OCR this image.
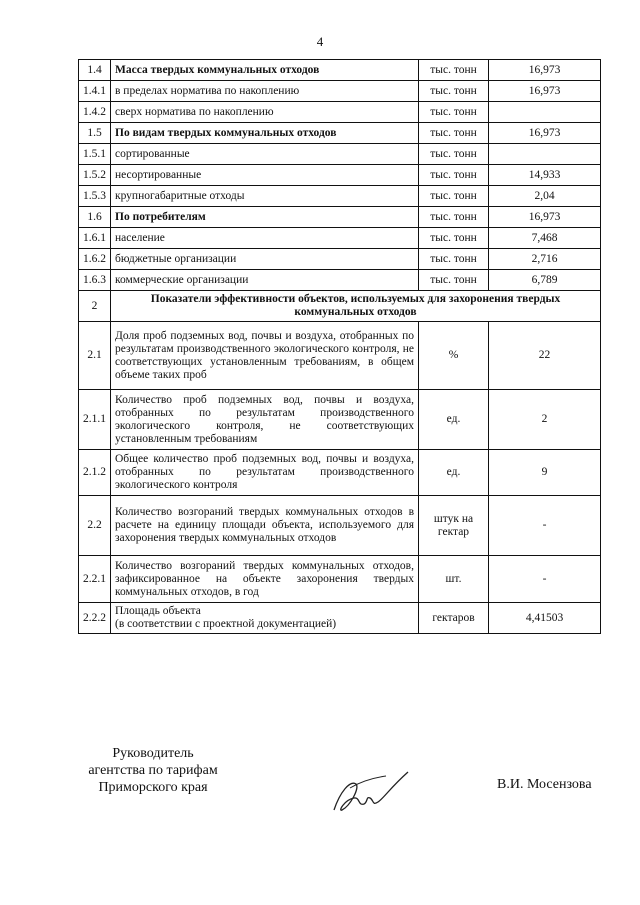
4
1.4	Масса твердых коммунальных отходов	тыс. тонн	16,973
1.4.1	в пределах норматива по накоплению	тыс. тонн	16,973
1.4.2	сверх норматива по накоплению	тыс. тонн	
1.5	По видам твердых коммунальных отходов	тыс. тонн	16,973
1.5.1	сортированные	тыс. тонн	
1.5.2	несортированные	тыс. тонн	14,933
1.5.3	крупногабаритные отходы	тыс. тонн	2,04
1.6	По потребителям	тыс. тонн	16,973
1.6.1	население	тыс. тонн	7,468
1.6.2	бюджетные организации	тыс. тонн	2,716
1.6.3	коммерческие организации	тыс. тонн	6,789
2	Показатели эффективности объектов, используемых для захоронения твердых коммунальных отходов		
2.1	Доля проб подземных вод, почвы и воздуха, отобранных по результатам производственного экологического контроля, не соответствующих установленным требованиям, в общем объеме таких проб	%	22
2.1.1	Количество проб подземных вод, почвы и воздуха, отобранных по результатам производственного экологического контроля, не соответствующих установленным требованиям	ед.	2
2.1.2	Общее количество проб подземных вод, почвы и воздуха, отобранных по результатам производственного экологического контроля	ед.	9
2.2	Количество возгораний твердых коммунальных отходов в расчете на единицу площади объекта, используемого для захоронения твердых коммунальных отходов	штук на гектар	-
2.2.1	Количество возгораний твердых коммунальных отходов, зафиксированное на объекте захоронения твердых коммунальных отходов, в год	шт.	-
2.2.2	Площадь объекта
(в соответствии с проектной документацией)	гектаров	4,41503
Руководитель
агентства по тарифам
Приморского края	В.И. Мосензова
